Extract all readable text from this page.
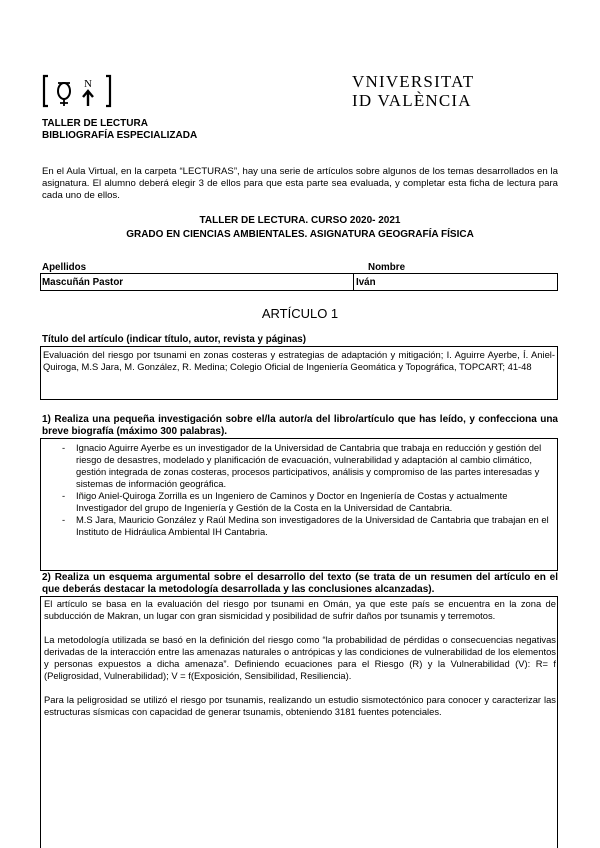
N	VNIVERSITAT
ID VALÈNCIA
TALLER DE LECTURA
BIBLIOGRAFÍA ESPECIALIZADA
En el Aula Virtual, en la carpeta “LECTURAS”, hay una serie de artículos sobre algunos de los temas desarrollados en la asignatura. El alumno deberá elegir 3 de ellos para que esta parte sea evaluada, y completar esta ficha de lectura para cada uno de ellos.
TALLER DE LECTURA. CURSO 2020- 2021
GRADO EN CIENCIAS AMBIENTALES. ASIGNATURA GEOGRAFÍA FÍSICA
Apellidos	Nombre
Mascuñán Pastor	Iván
ARTÍCULO 1
Título del artículo (indicar título, autor, revista y páginas)
Evaluación del riesgo por tsunami en zonas costeras y estrategias de adaptación y mitigación; I. Aguirre Ayerbe, Í. Aniel-Quiroga, M.S Jara, M. González, R. Medina; Colegio Oficial de Ingeniería Geomática y Topográfica, TOPCART; 41-48
1) Realiza una pequeña investigación sobre el/la autor/a del libro/artículo que has leído, y confecciona una breve biografía (máximo 300 palabras).
- Ignacio Aguirre Ayerbe es un investigador de la Universidad de Cantabria que trabaja en reducción y gestión del riesgo de desastres, modelado y planificación de evacuación, vulnerabilidad y adaptación al cambio climático, gestión integrada de zonas costeras, procesos participativos, análisis y compromiso de las partes interesadas y sistemas de información geográfica.
- Iñigo Aniel-Quiroga Zorrilla es un Ingeniero de Caminos y Doctor en Ingeniería de Costas y actualmente Investigador del grupo de Ingeniería y Gestión de la Costa en la Universidad de Cantabria.
- M.S Jara, Mauricio González y Raúl Medina son investigadores de la Universidad de Cantabria que trabajan en el Instituto de Hidráulica Ambiental IH Cantabria.
2) Realiza un esquema argumental sobre el desarrollo del texto (se trata de un resumen del artículo en el que deberás destacar la metodología desarrollada y las conclusiones alcanzadas).

El artículo se basa en la evaluación del riesgo por tsunami en Omán, ya que este país se encuentra en la zona de subducción de Makran, un lugar con gran sismicidad y posibilidad de sufrir daños por tsunamis y terremotos.

La metodología utilizada se basó en la definición del riesgo como “la probabilidad de pérdidas o consecuencias negativas derivadas de la interacción entre las amenazas naturales o antrópicas y las condiciones de vulnerabilidad de los elementos y personas expuestos a dicha amenaza”. Definiendo ecuaciones para el Riesgo (R) y la Vulnerabilidad (V): R= f (Peligrosidad, Vulnerabilidad); V = f(Exposición, Sensibilidad, Resiliencia).

Para la peligrosidad se utilizó el riesgo por tsunamis, realizando un estudio sismotectónico para conocer y caracterizar las estructuras sísmicas con capacidad de generar tsunamis, obteniendo 3181 fuentes potenciales.
